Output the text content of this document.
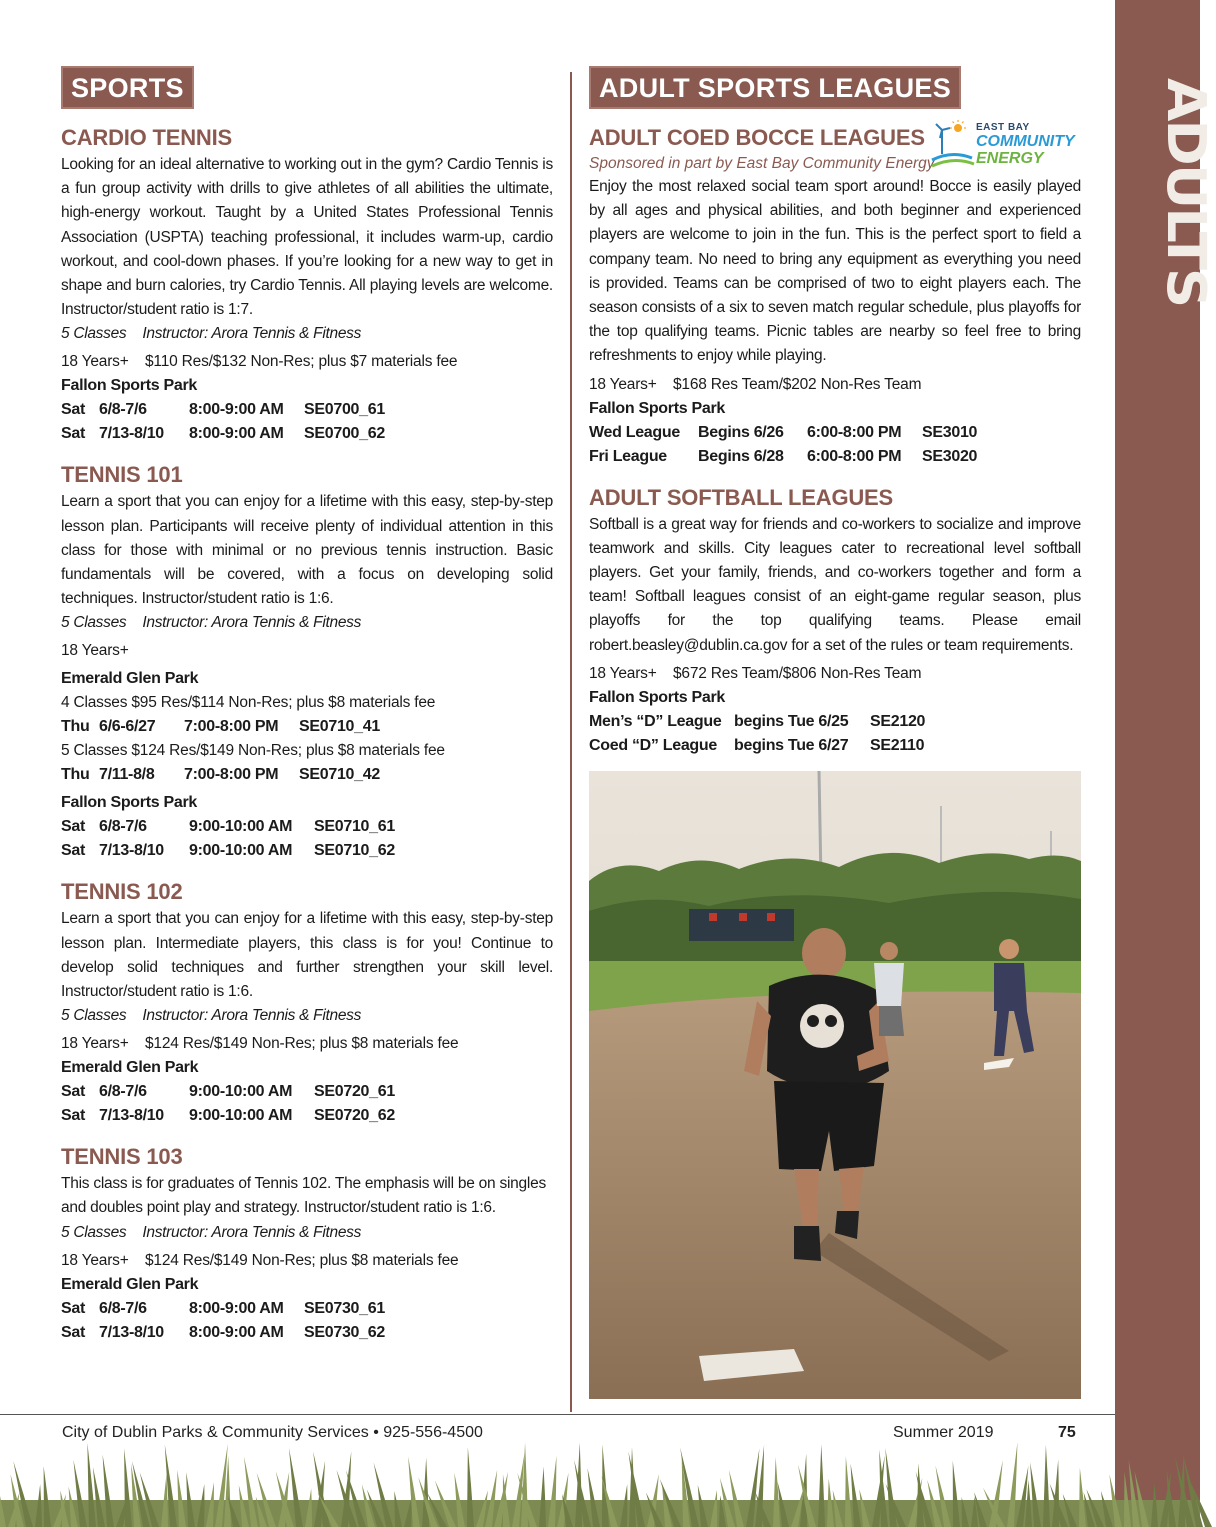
ADULTS
SPORTS
CARDIO TENNIS
Looking for an ideal alternative to working out in the gym? Cardio Tennis is a fun group activity with drills to give athletes of all abilities the ultimate, high-energy workout. Taught by a United States Professional Tennis Association (USPTA) teaching professional, it includes warm-up, cardio workout, and cool-down phases. If you’re looking for a new way to get in shape and burn calories, try Cardio Tennis. All playing levels are welcome. Instructor/student ratio is 1:7.
5 Classes    Instructor: Arora Tennis & Fitness
18 Years+    $110 Res/$132 Non-Res; plus $7 materials fee
Fallon Sports Park
Sat 6/8-7/6	8:00-9:00 AM SE0700_61
Sat 7/13-8/10 8:00-9:00 AM SE0700_62
TENNIS 101
Learn a sport that you can enjoy for a lifetime with this easy, step-by-step lesson plan. Participants will receive plenty of individual attention in this class for those with minimal or no previous tennis instruction. Basic fundamentals will be covered, with a focus on developing solid techniques. Instructor/student ratio is 1:6.
5 Classes    Instructor: Arora Tennis & Fitness
18 Years+
Emerald Glen Park
4 Classes $95 Res/$114 Non-Res; plus $8 materials fee
Thu 6/6-6/27 7:00-8:00 PM SE0710_41
5 Classes $124 Res/$149 Non-Res; plus $8 materials fee
Thu 7/11-8/8 7:00-8:00 PM SE0710_42
Fallon Sports Park
Sat 6/8-7/6	9:00-10:00 AM SE0710_61
Sat 7/13-8/10 9:00-10:00 AM SE0710_62
TENNIS 102
Learn a sport that you can enjoy for a lifetime with this easy, step-by-step lesson plan. Intermediate players, this class is for you! Continue to develop solid techniques and further strengthen your skill level. Instructor/student ratio is 1:6.
5 Classes    Instructor: Arora Tennis & Fitness
18 Years+    $124 Res/$149 Non-Res; plus $8 materials fee
Emerald Glen Park
Sat 6/8-7/6	9:00-10:00 AM SE0720_61
Sat 7/13-8/10 9:00-10:00 AM SE0720_62
TENNIS 103
This class is for graduates of Tennis 102. The emphasis will be on singles and doubles point play and strategy. Instructor/student ratio is 1:6.
5 Classes    Instructor: Arora Tennis & Fitness
18 Years+    $124 Res/$149 Non-Res; plus $8 materials fee
Emerald Glen Park
Sat 6/8-7/6	8:00-9:00 AM SE0730_61
Sat 7/13-8/10 8:00-9:00 AM SE0730_62
ADULT SPORTS LEAGUES
ADULT COED BOCCE LEAGUES
Sponsored in part by East Bay Community Energy
Enjoy the most relaxed social team sport around! Bocce is easily played by all ages and physical abilities, and both beginner and experienced players are welcome to join in the fun. This is the perfect sport to field a company team. No need to bring any equipment as everything you need is provided. Teams can be comprised of two to eight players each. The season consists of a six to seven match regular schedule, plus playoffs for the top qualifying teams. Picnic tables are nearby so feel free to bring refreshments to enjoy while playing.
18 Years+    $168 Res Team/$202 Non-Res Team
Fallon Sports Park
Wed League Begins 6/26 6:00-8:00 PM SE3010
Fri League Begins 6/28 6:00-8:00 PM SE3020
ADULT SOFTBALL LEAGUES
Softball is a great way for friends and co-workers to socialize and improve teamwork and skills. City leagues cater to recreational level softball players. Get your family, friends, and co-workers together and form a team! Softball leagues consist of an eight-game regular season, plus playoffs for the top qualifying teams. Please email robert.beasley@dublin.ca.gov for a set of the rules or team requirements.
18 Years+    $672 Res Team/$806 Non-Res Team
Fallon Sports Park
Men’s “D” League begins Tue 6/25 SE2120
Coed “D” League begins Tue 6/27 SE2110
EAST BAY
COMMUNITY
ENERGY
City of Dublin Parks & Community Services • 925-556-4500	Summer 2019	75
